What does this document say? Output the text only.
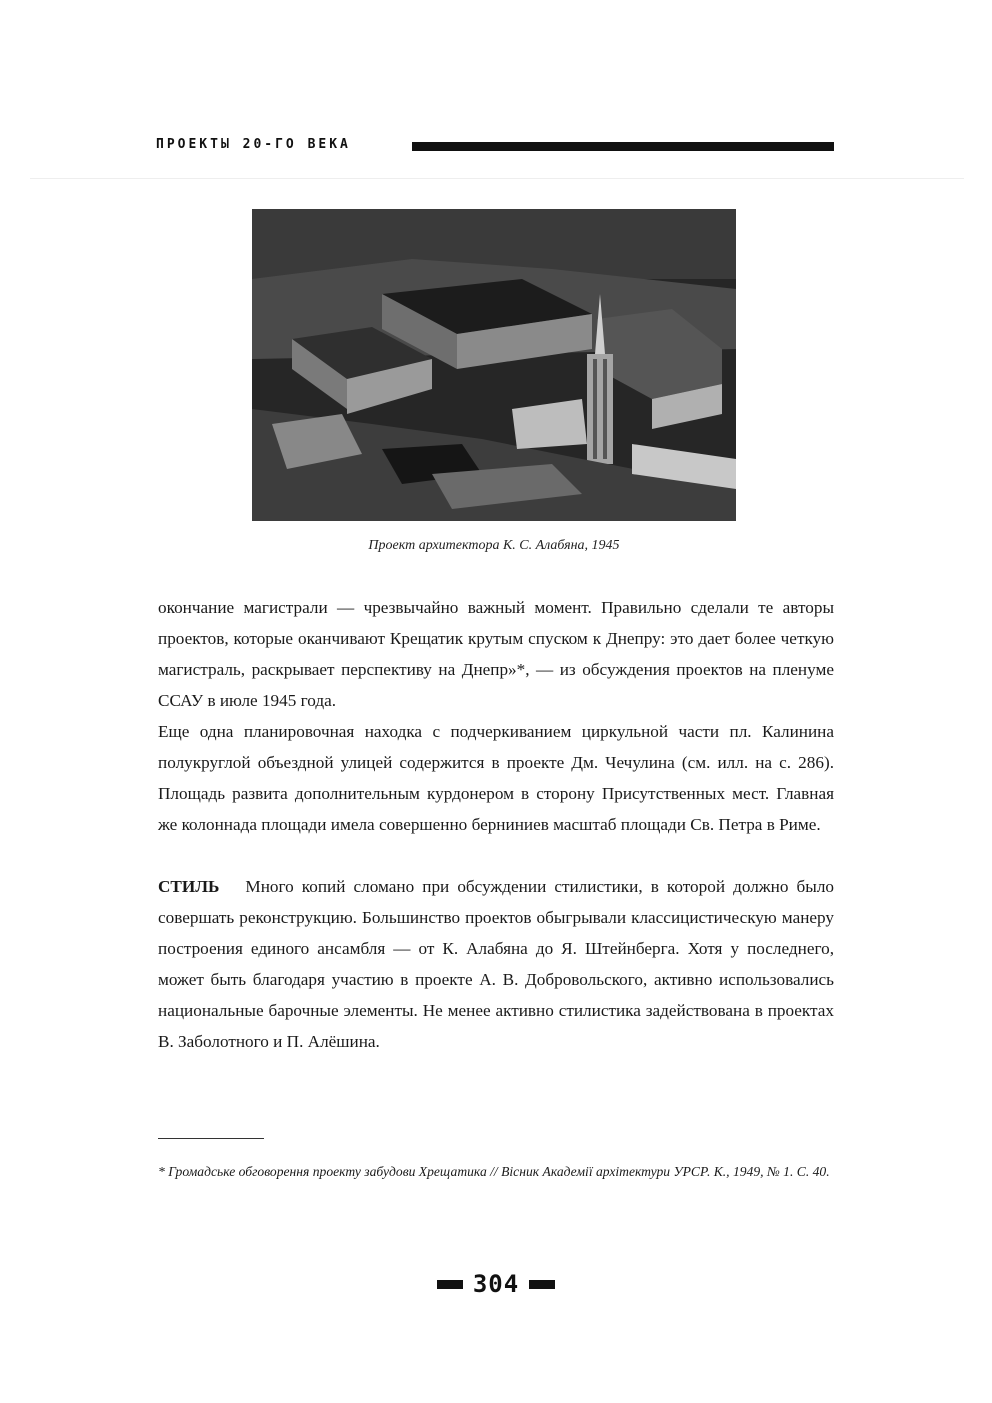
ПРОЕКТЫ 20-ГО ВЕКА
Проект архитектора К. С. Алабяна, 1945

окончание магистрали — чрезвычайно важный момент. Правильно сделали те авторы проектов, которые оканчивают Крещатик крутым спуском к Днепру: это дает более четкую магистраль, раскрывает перспективу на Днепр»*, — из обсуждения проектов на пленуме ССАУ в июле 1945 года.

Еще одна планировочная находка с подчеркиванием циркульной части пл. Калинина полукруглой объездной улицей содержится в проекте Дм. Чечулина (см. илл. на с. 286). Площадь развита дополнительным курдонером в сторону Присутственных мест. Главная же колоннада площади имела совершенно берниниев масштаб площади Св. Петра в Риме.

СТИЛЬ Много копий сломано при обсуждении стилистики, в которой должно было совершать реконструкцию. Большинство проектов обыгрывали классицистическую манеру построения единого ансамбля — от К. Алабяна до Я. Штейнберга. Хотя у последнего, может быть благодаря участию в проекте А. В. Добровольского, активно использовались национальные барочные элементы. Не менее активно стилистика задействована в проектах В. Заболотного и П. Алёшина.

* Громадське обговорення проекту забудови Хрещатика // Вісник Академії архітектури УРСР. К., 1949, № 1. С. 40.
304
